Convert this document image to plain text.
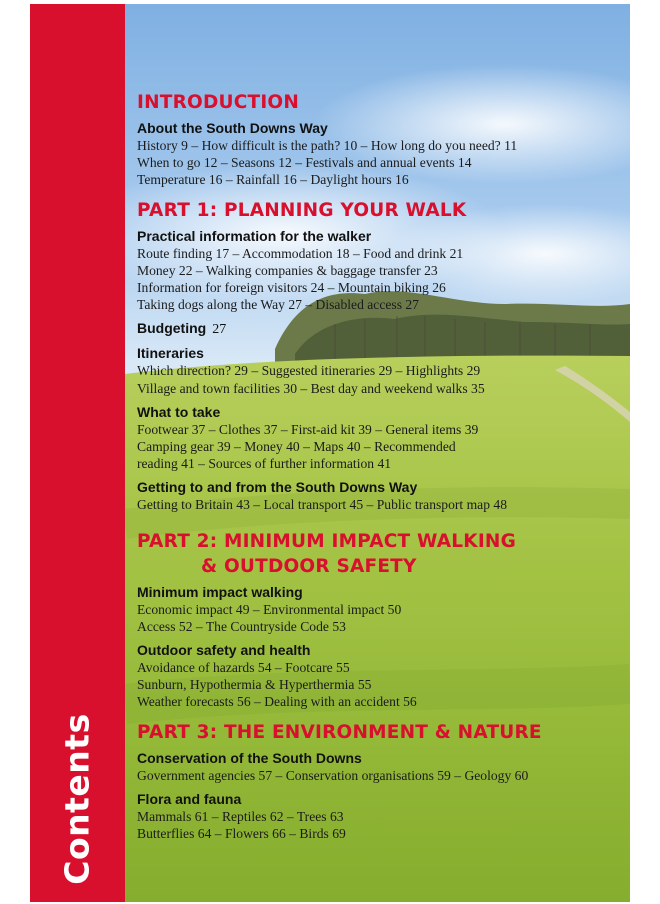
Contents
INTRODUCTION
About the South Downs Way
History 9 – How difficult is the path? 10 – How long do you need? 11
When to go 12 – Seasons 12 – Festivals and annual events 14
Temperature 16 – Rainfall 16 – Daylight hours 16
PART 1: PLANNING YOUR WALK
Practical information for the walker
Route finding 17 – Accommodation 18 – Food and drink 21
Money 22 – Walking companies & baggage transfer 23
Information for foreign visitors 24 – Mountain biking 26
Taking dogs along the Way 27 – Disabled access 27
Budgeting 27
Itineraries
Which direction? 29 – Suggested itineraries 29 – Highlights 29
Village and town facilities 30 – Best day and weekend walks 35
What to take
Footwear 37 – Clothes 37 – First-aid kit 39 – General items 39
Camping gear 39 – Money 40 – Maps 40 – Recommended
reading 41 – Sources of further information 41
Getting to and from the South Downs Way
Getting to Britain 43 – Local transport 45 – Public transport map 48
PART 2: MINIMUM IMPACT WALKING
& OUTDOOR SAFETY
Minimum impact walking
Economic impact 49 – Environmental impact 50
Access 52 – The Countryside Code 53
Outdoor safety and health
Avoidance of hazards 54 – Footcare 55
Sunburn, Hypothermia & Hyperthermia 55
Weather forecasts 56 – Dealing with an accident 56
PART 3: THE ENVIRONMENT & NATURE
Conservation of the South Downs
Government agencies 57 – Conservation organisations 59 – Geology 60
Flora and fauna
Mammals 61 – Reptiles 62 – Trees 63
Butterflies 64 – Flowers 66 – Birds 69
